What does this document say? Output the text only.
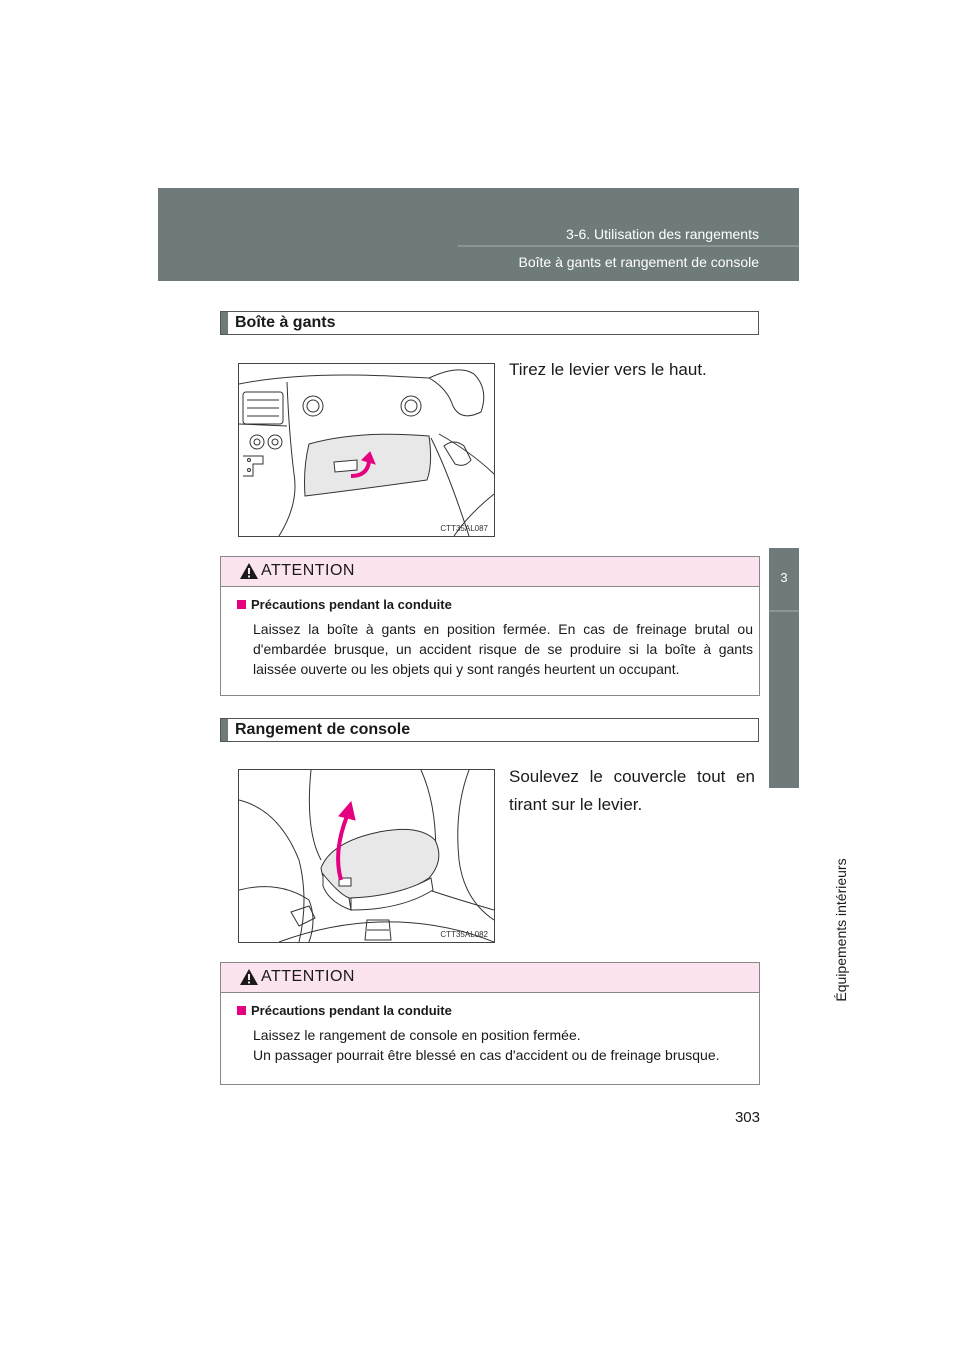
3-6. Utilisation des rangements
Boîte à gants et rangement de console
3
Équipements intérieurs
Boîte à gants
CTT35AL087
Tirez le levier vers le haut.
ATTENTION
Précautions pendant la conduite
Laissez la boîte à gants en position fermée. En cas de freinage brutal ou d'embardée brusque, un accident risque de se produire si la boîte à gants laissée ouverte ou les objets qui y sont rangés heurtent un occupant.
Rangement de console
CTT35AL082
Soulevez le couvercle tout en tirant sur le levier.
ATTENTION
Précautions pendant la conduite
Laissez le rangement de console en position fermée.
Un passager pourrait être blessé en cas d'accident ou de freinage brusque.
303
